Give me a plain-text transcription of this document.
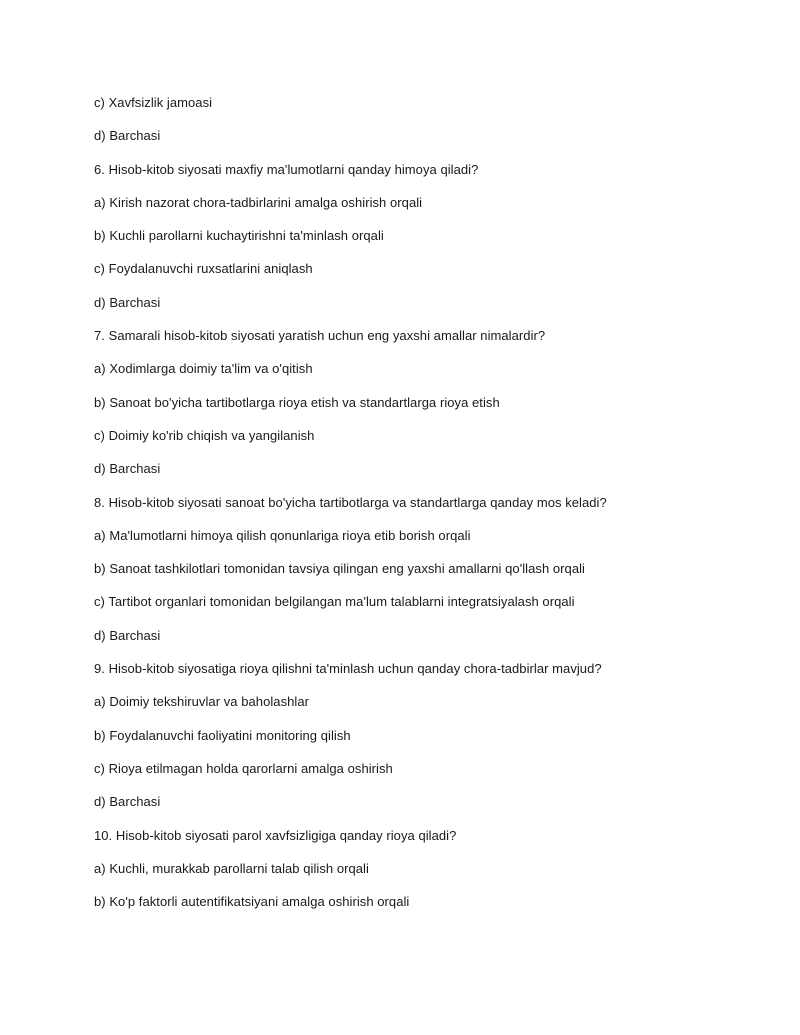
c) Xavfsizlik jamoasi
d) Barchasi
6. Hisob-kitob siyosati maxfiy ma'lumotlarni qanday himoya qiladi?
a) Kirish nazorat chora-tadbirlarini amalga oshirish orqali
b) Kuchli parollarni kuchaytirishni ta'minlash orqali
c) Foydalanuvchi ruxsatlarini aniqlash
d) Barchasi
7. Samarali hisob-kitob siyosati yaratish uchun eng yaxshi amallar nimalardir?
a) Xodimlarga doimiy ta'lim va o'qitish
b) Sanoat bo'yicha tartibotlarga rioya etish va standartlarga rioya etish
c) Doimiy ko'rib chiqish va yangilanish
d) Barchasi
8. Hisob-kitob siyosati sanoat bo'yicha tartibotlarga va standartlarga qanday mos keladi?
a) Ma'lumotlarni himoya qilish qonunlariga rioya etib borish orqali
b) Sanoat tashkilotlari tomonidan tavsiya qilingan eng yaxshi amallarni qo'llash orqali
c) Tartibot organlari tomonidan belgilangan ma'lum talablarni integratsiyalash orqali
d) Barchasi
9. Hisob-kitob siyosatiga rioya qilishni ta'minlash uchun qanday chora-tadbirlar mavjud?
a) Doimiy tekshiruvlar va baholashlar
b) Foydalanuvchi faoliyatini monitoring qilish
c) Rioya etilmagan holda qarorlarni amalga oshirish
d) Barchasi
10. Hisob-kitob siyosati parol xavfsizligiga qanday rioya qiladi?
a) Kuchli, murakkab parollarni talab qilish orqali
b) Ko'p faktorli autentifikatsiyani amalga oshirish orqali
